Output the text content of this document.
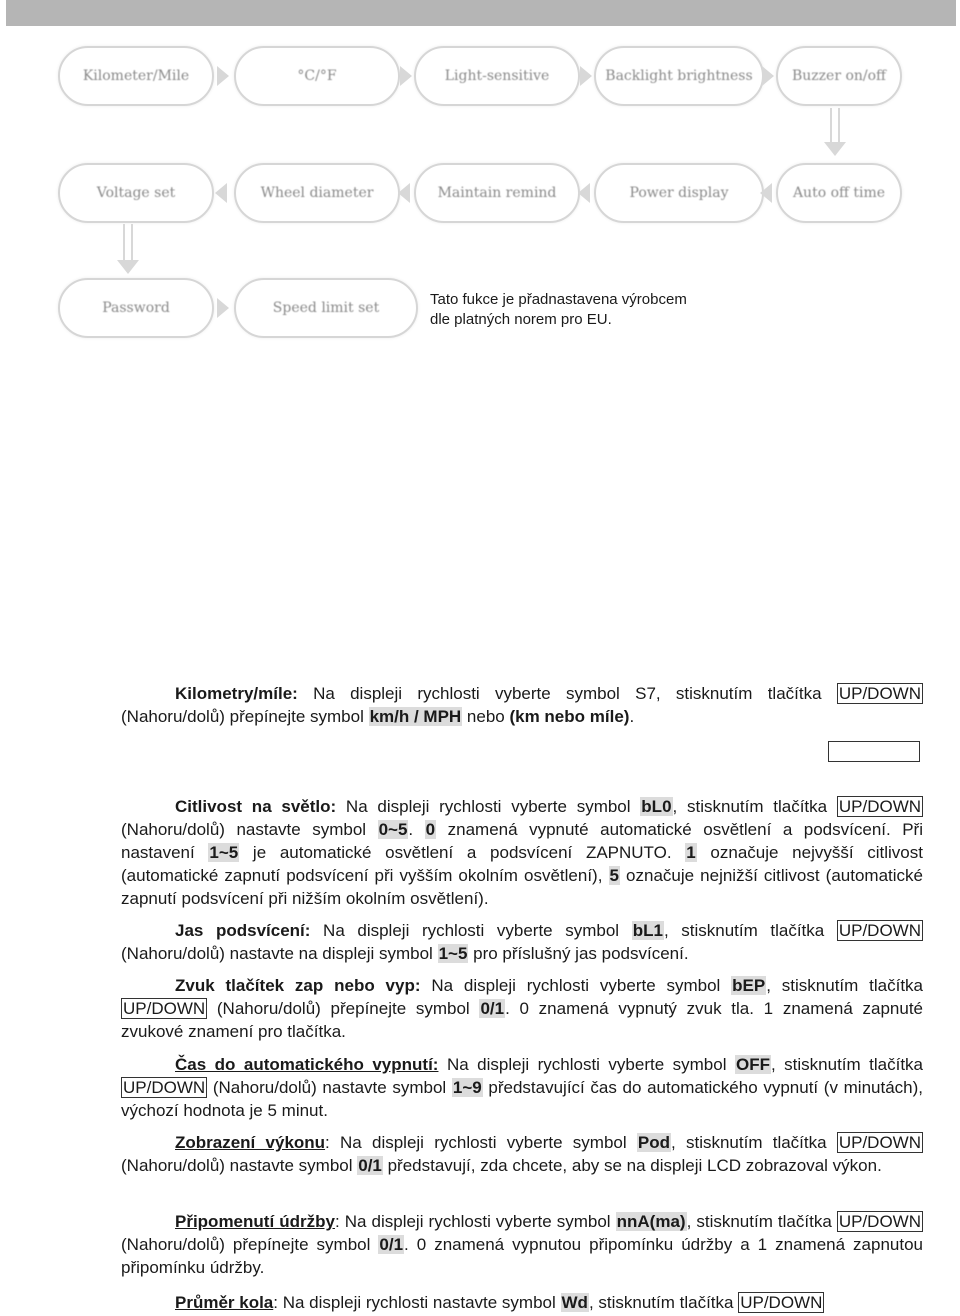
Kilometer/Mile	°C/°F	Light-sensitive	Backlight brightness	Buzzer on/off
Voltage set	Wheel diameter	Maintain remind	Power display	Auto off time
Password	Speed limit set	Tato fukce je přadnastavena výrobcem
dle platných norem pro EU.
Kilometry/míle: Na displeji rychlosti vyberte symbol S7, stisknutím tlačítka UP/DOWN (Nahoru/dolů) přepínejte symbol km/h / MPH nebo (km nebo míle).
Citlivost na světlo: Na displeji rychlosti vyberte symbol bL0, stisknutím tlačítka UP/DOWN (Nahoru/dolů) nastavte symbol 0~5. 0 znamená vypnuté automatické osvětlení a podsvícení. Při nastavení 1~5 je automatické osvětlení a podsvícení ZAPNUTO. 1 označuje nejvyšší citlivost (automatické zapnutí podsvícení při vyšším okolním osvětlení), 5 označuje nejnižší citlivost (automatické zapnutí podsvícení při nižším okolním osvětlení).
Jas podsvícení: Na displeji rychlosti vyberte symbol bL1, stisknutím tlačítka UP/DOWN (Nahoru/dolů) nastavte na displeji symbol 1~5 pro příslušný jas podsvícení.
Zvuk tlačítek zap nebo vyp: Na displeji rychlosti vyberte symbol bEP, stisknutím tlačítka UP/DOWN (Nahoru/dolů) přepínejte symbol 0/1. 0 znamená vypnutý zvuk tla. 1 znamená zapnuté zvukové znamení pro tlačítka.
Čas do automatického vypnutí: Na displeji rychlosti vyberte symbol OFF, stisknutím tlačítka UP/DOWN (Nahoru/dolů) nastavte symbol 1~9 představující čas do automatického vypnutí (v minutách), výchozí hodnota je 5 minut.
Zobrazení výkonu: Na displeji rychlosti vyberte symbol Pod, stisknutím tlačítka UP/DOWN (Nahoru/dolů) nastavte symbol 0/1 představují, zda chcete, aby se na displeji LCD zobrazoval výkon.
Připomenutí údržby: Na displeji rychlosti vyberte symbol nnA(ma), stisknutím tlačítka UP/DOWN (Nahoru/dolů) přepínejte symbol 0/1. 0 znamená vypnutou připomínku údržby a 1 znamená zapnutou připomínku údržby.
Průměr kola: Na displeji rychlosti nastavte symbol Wd, stisknutím tlačítka UP/DOWN
